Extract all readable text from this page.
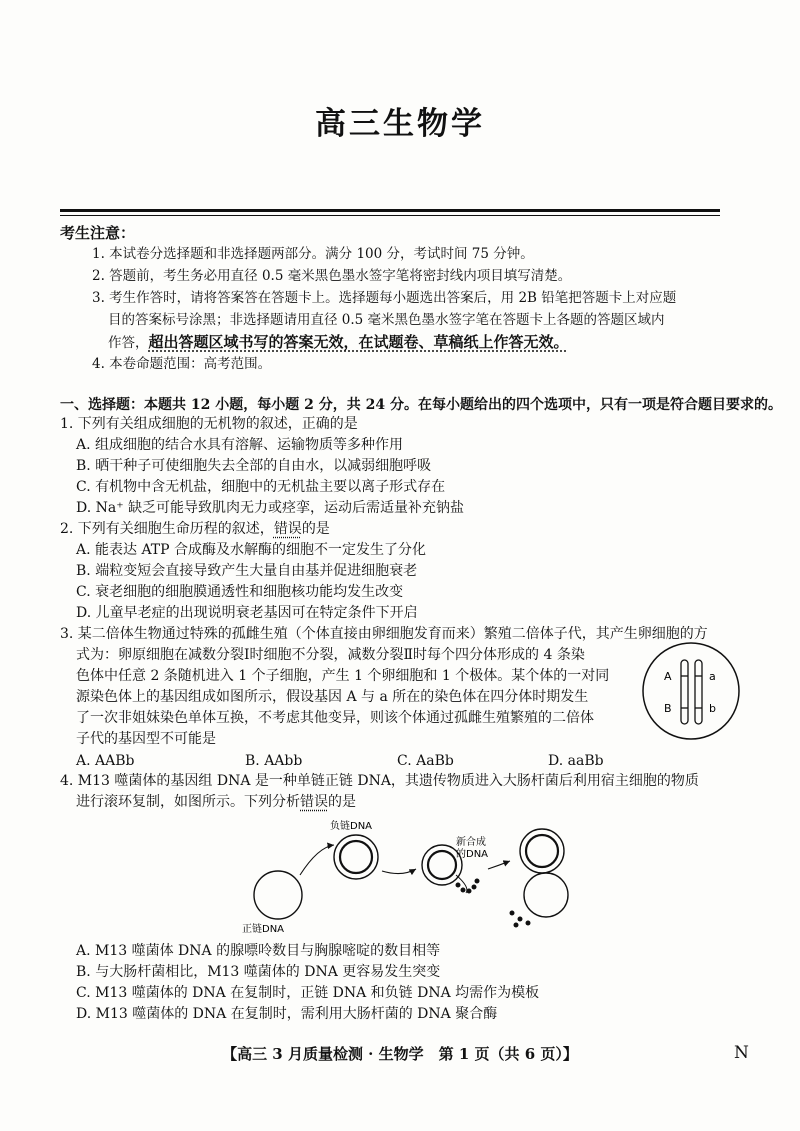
高三生物学
考生注意：
1. 本试卷分选择题和非选择题两部分。满分 100 分，考试时间 75 分钟。
2. 答题前，考生务必用直径 0.5 毫米黑色墨水签字笔将密封线内项目填写清楚。
3. 考生作答时，请将答案答在答题卡上。选择题每小题选出答案后，用 2B 铅笔把答题卡上对应题
目的答案标号涂黑；非选择题请用直径 0.5 毫米黑色墨水签字笔在答题卡上各题的答题区域内
作答，超出答题区域书写的答案无效，在试题卷、草稿纸上作答无效。
4. 本卷命题范围：高考范围。
一、选择题：本题共 12 小题，每小题 2 分，共 24 分。在每小题给出的四个选项中，只有一项是符合题目要求的。
1. 下列有关组成细胞的无机物的叙述，正确的是
A. 组成细胞的结合水具有溶解、运输物质等多种作用
B. 晒干种子可使细胞失去全部的自由水，以减弱细胞呼吸
C. 有机物中含无机盐，细胞中的无机盐主要以离子形式存在
D. Na⁺ 缺乏可能导致肌肉无力或痉挛，运动后需适量补充钠盐
2. 下列有关细胞生命历程的叙述，错误的是
A. 能表达 ATP 合成酶及水解酶的细胞不一定发生了分化
B. 端粒变短会直接导致产生大量自由基并促进细胞衰老
C. 衰老细胞的细胞膜通透性和细胞核功能均发生改变
D. 儿童早老症的出现说明衰老基因可在特定条件下开启
3. 某二倍体生物通过特殊的孤雌生殖（个体直接由卵细胞发育而来）繁殖二倍体子代，其产生卵细胞的方
式为：卵原细胞在减数分裂Ⅰ时细胞不分裂，减数分裂Ⅱ时每个四分体形成的 4 条染
色体中任意 2 条随机进入 1 个子细胞，产生 1 个卵细胞和 1 个极体。某个体的一对同
源染色体上的基因组成如图所示，假设基因 A 与 a 所在的染色体在四分体时期发生
了一次非姐妹染色单体互换，不考虑其他变异，则该个体通过孤雌生殖繁殖的二倍体
子代的基因型不可能是
A. AABb	B. AAbb	C. AaBb	D. aaBb
A	a
B	b
4. M13 噬菌体的基因组 DNA 是一种单链正链 DNA，其遗传物质进入大肠杆菌后利用宿主细胞的物质
进行滚环复制，如图所示。下列分析错误的是
正链DNA
负链DNA
新合成
的DNA
A. M13 噬菌体 DNA 的腺嘌呤数目与胸腺嘧啶的数目相等
B. 与大肠杆菌相比，M13 噬菌体的 DNA 更容易发生突变
C. M13 噬菌体的 DNA 在复制时，正链 DNA 和负链 DNA 均需作为模板
D. M13 噬菌体的 DNA 在复制时，需利用大肠杆菌的 DNA 聚合酶
【高三 3 月质量检测 · 生物学　第 1 页（共 6 页）】	N
